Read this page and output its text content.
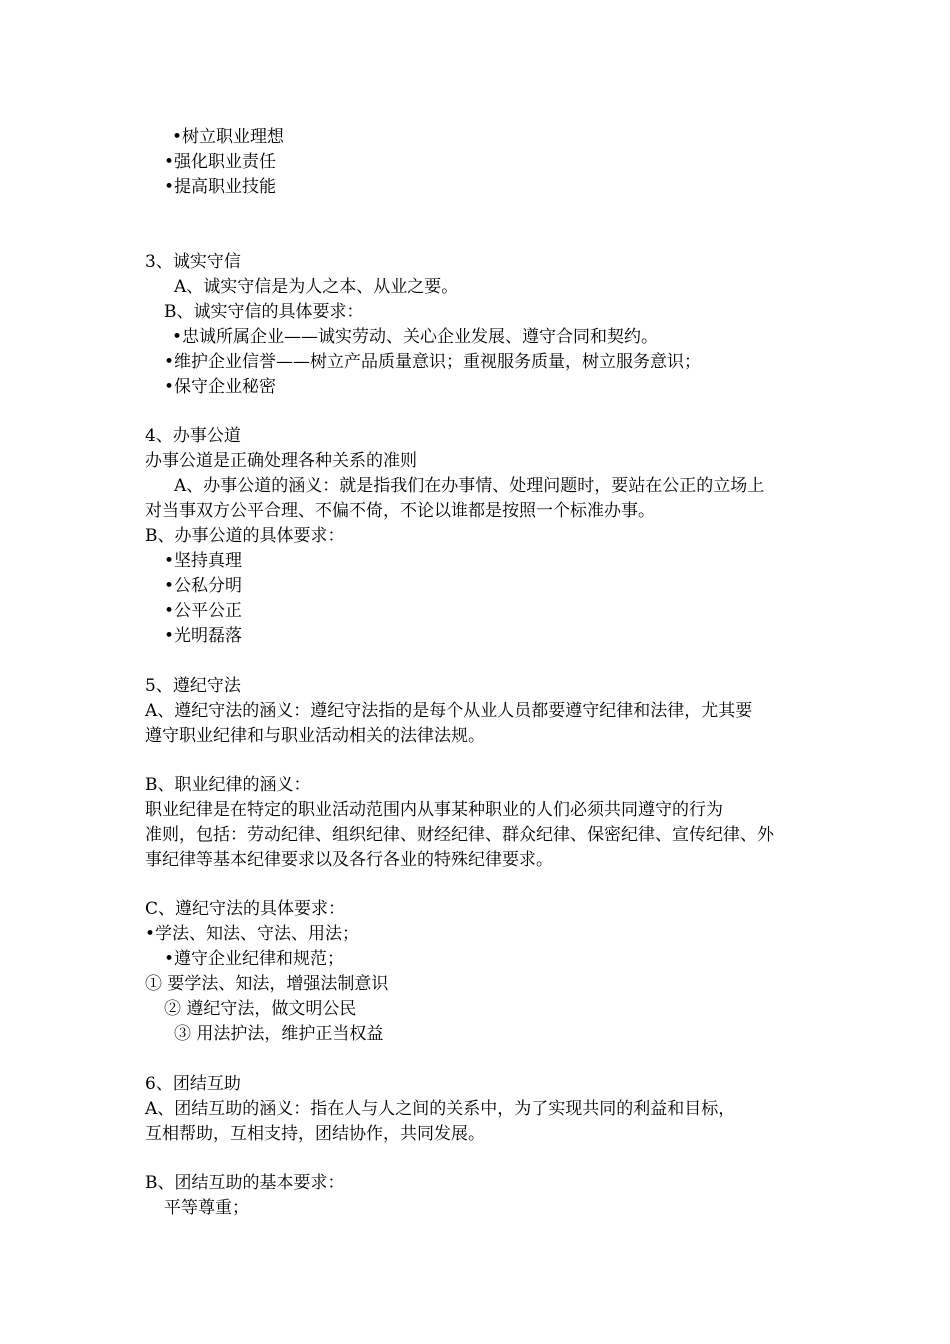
•树立职业理想
•强化职业责任
•提高职业技能
3、诚实守信
A、诚实守信是为人之本、从业之要。
B、诚实守信的具体要求：
•忠诚所属企业——诚实劳动、关心企业发展、遵守合同和契约。
•维护企业信誉——树立产品质量意识；重视服务质量，树立服务意识；
•保守企业秘密
4、办事公道
办事公道是正确处理各种关系的准则
A、办事公道的涵义：就是指我们在办事情、处理问题时，要站在公正的立场上
对当事双方公平合理、不偏不倚，不论以谁都是按照一个标准办事。
B、办事公道的具体要求：
•坚持真理
•公私分明
•公平公正
•光明磊落
5、遵纪守法
A、遵纪守法的涵义：遵纪守法指的是每个从业人员都要遵守纪律和法律，尤其要
遵守职业纪律和与职业活动相关的法律法规。
B、职业纪律的涵义：
职业纪律是在特定的职业活动范围内从事某种职业的人们必须共同遵守的行为
准则，包括：劳动纪律、组织纪律、财经纪律、群众纪律、保密纪律、宣传纪律、外
事纪律等基本纪律要求以及各行各业的特殊纪律要求。
C、遵纪守法的具体要求：
•学法、知法、守法、用法；
•遵守企业纪律和规范；
① 要学法、知法，增强法制意识
② 遵纪守法，做文明公民
③ 用法护法，维护正当权益
6、团结互助
A、团结互助的涵义：指在人与人之间的关系中，为了实现共同的利益和目标，
互相帮助，互相支持，团结协作，共同发展。
B、团结互助的基本要求：
平等尊重；
